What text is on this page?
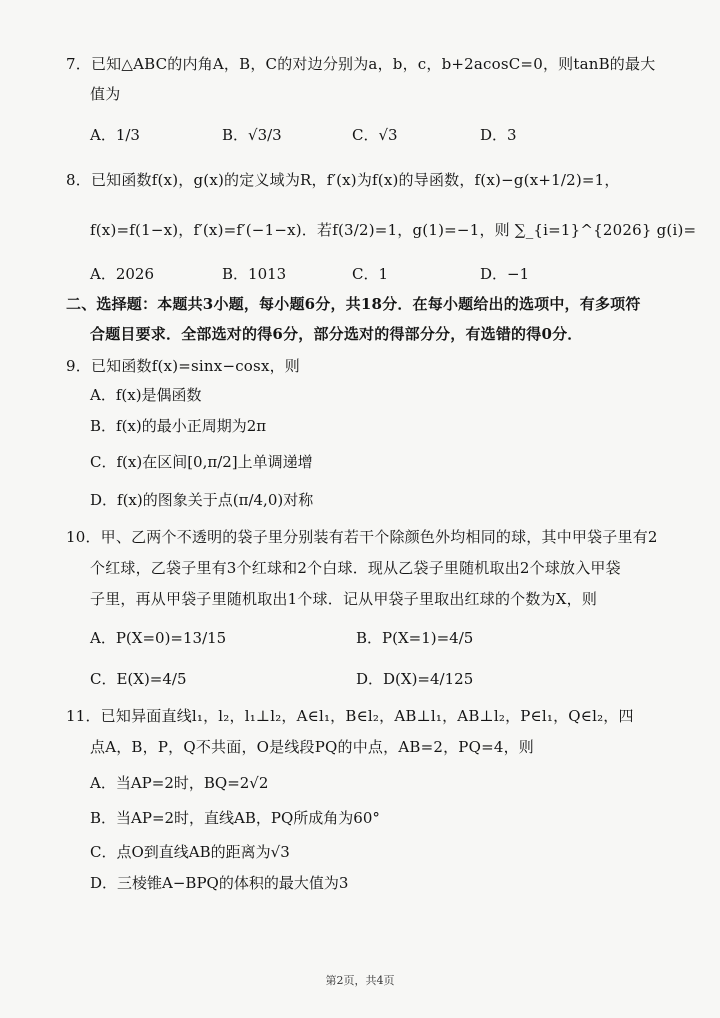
7．已知△ABC的内角A，B，C的对边分别为a，b，c，b+2acosC=0，则tanB的最大
值为
A．1/3	B．√3/3	C．√3	D．3
8．已知函数f(x)，g(x)的定义域为R，f′(x)为f(x)的导函数，f(x)−g(x+1/2)=1，
f(x)=f(1−x)，f′(x)=f′(−1−x)．若f(3/2)=1，g(1)=−1，则 ∑_{i=1}^{2026} g(i)=
A．2026	B．1013	C．1	D．−1
二、选择题：本题共3小题，每小题6分，共18分．在每小题给出的选项中，有多项符
合题目要求．全部选对的得6分，部分选对的得部分分，有选错的得0分．
9．已知函数f(x)=sinx−cosx，则
A．f(x)是偶函数
B．f(x)的最小正周期为2π
C．f(x)在区间[0,π/2]上单调递增
D．f(x)的图象关于点(π/4,0)对称
10．甲、乙两个不透明的袋子里分别装有若干个除颜色外均相同的球，其中甲袋子里有2
个红球，乙袋子里有3个红球和2个白球．现从乙袋子里随机取出2个球放入甲袋
子里，再从甲袋子里随机取出1个球．记从甲袋子里取出红球的个数为X，则
A．P(X=0)=13/15	B．P(X=1)=4/5
C．E(X)=4/5	D．D(X)=4/125
11．已知异面直线l₁，l₂，l₁⊥l₂，A∈l₁，B∈l₂，AB⊥l₁，AB⊥l₂，P∈l₁，Q∈l₂，四
点A，B，P，Q不共面，O是线段PQ的中点，AB=2，PQ=4，则
A．当AP=2时，BQ=2√2
B．当AP=2时，直线AB，PQ所成角为60°
C．点O到直线AB的距离为√3
D．三棱锥A−BPQ的体积的最大值为3
第2页，共4页
